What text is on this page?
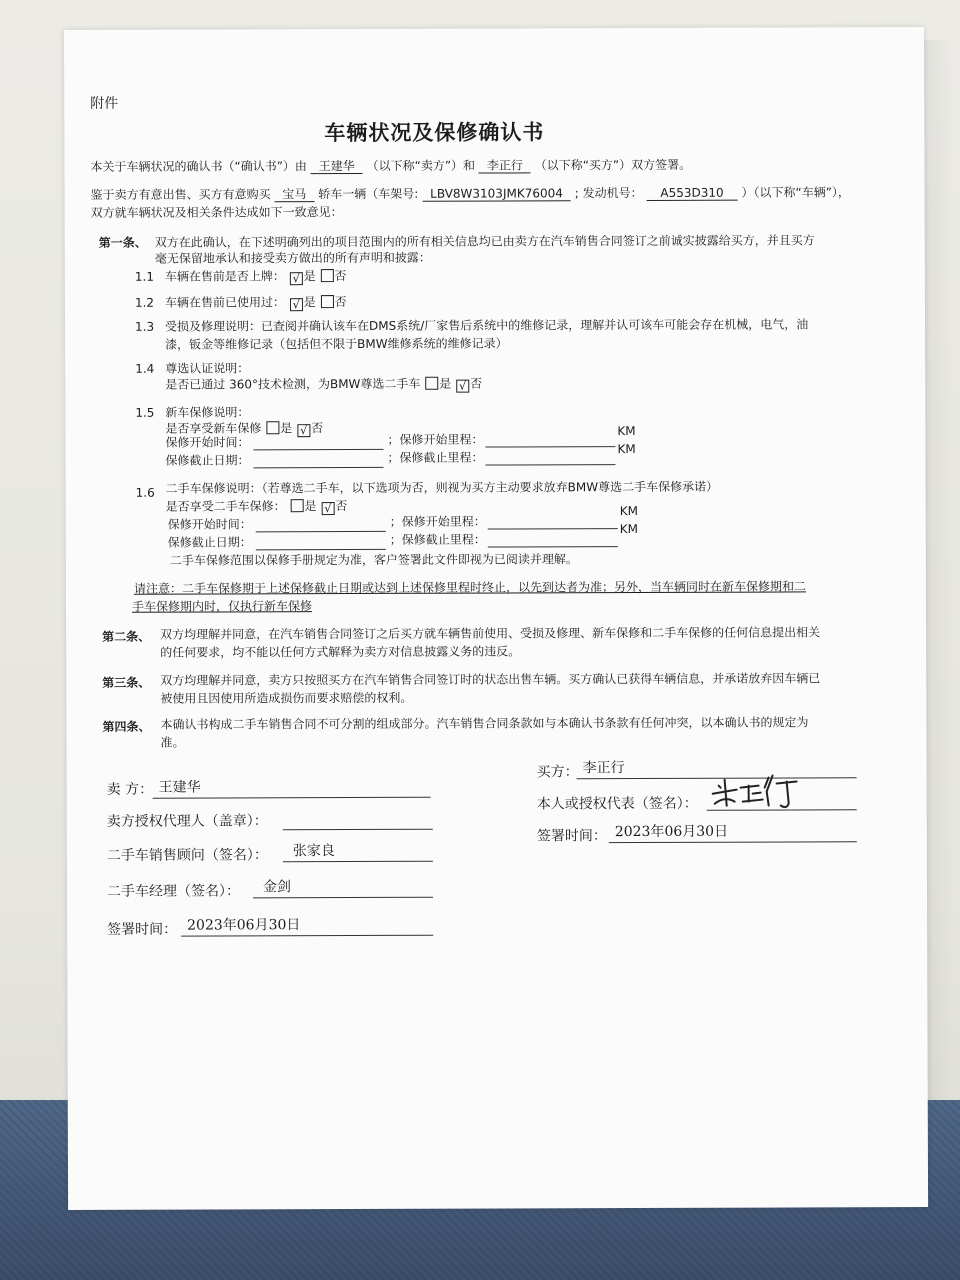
附件
车辆状况及保修确认书
本关于车辆状况的确认书（“确认书”）由 王建华 （以下称“卖方”）和 李正行 （以下称“买方”）双方签署。
鉴于卖方有意出售、买方有意购买 宝马 轿车一辆（车架号: LBV8W3103JMK76004 ; 发动机号： A553D310 ）（以下称“车辆”），
双方就车辆状况及相关条件达成如下一致意见：
第一条、 双方在此确认，在下述明确列出的项目范围内的所有相关信息均已由卖方在汽车销售合同签订之前诚实披露给买方，并且买方
毫无保留地承认和接受卖方做出的所有声明和披露：
1.1 车辆在售前是否上牌： √ 是 否
1.2 车辆在售前已使用过： √ 是 否
1.3 受损及修理说明：已查阅并确认该车在DMS系统/厂家售后系统中的维修记录，理解并认可该车可能会存在机械，电气，油
漆，钣金等维修记录（包括但不限于BMW维修系统的维修记录）
1.4 尊选认证说明：
是否已通过 360°技术检测，为BMW尊选二手车 是 √ 否
1.5 新车保修说明：
是否享受新车保修 是 √ 否
保修开始时间：	；保修开始里程：
KM
保修截止日期：	；保修截止里程：
KM
1.6 二手车保修说明：（若尊选二手车，以下选项为否，则视为买方主动要求放弃BMW尊选二手车保修承诺）
是否享受二手车保修： 是 √ 否
保修开始时间：	；保修开始里程：
KM
保修截止日期：	；保修截止里程：
KM
二手车保修范围以保修手册规定为准，客户签署此文件即视为已阅读并理解。
请注意：二手车保修期于上述保修截止日期或达到上述保修里程时终止，以先到达者为准；另外，当车辆同时在新车保修期和二
手车保修期内时，仅执行新车保修
第二条、 双方均理解并同意，在汽车销售合同签订之后买方就车辆售前使用、受损及修理、新车保修和二手车保修的任何信息提出相关
的任何要求，均不能以任何方式解释为卖方对信息披露义务的违反。
第三条、 双方均理解并同意，卖方只按照买方在汽车销售合同签订时的状态出售车辆。买方确认已获得车辆信息，并承诺放弃因车辆已
被使用且因使用所造成损伤而要求赔偿的权利。
第四条、 本确认书构成二手车销售合同不可分割的组成部分。汽车销售合同条款如与本确认书条款有任何冲突，以本确认书的规定为
准。
卖 方： 王建华
卖方授权代理人（盖章）：
二手车销售顾问（签名）： 张家良
二手车经理（签名）： 金剑
签署时间： 2023年06月30日
买方： 李正行
本人或授权代表（签名）：
签署时间： 2023年06月30日
